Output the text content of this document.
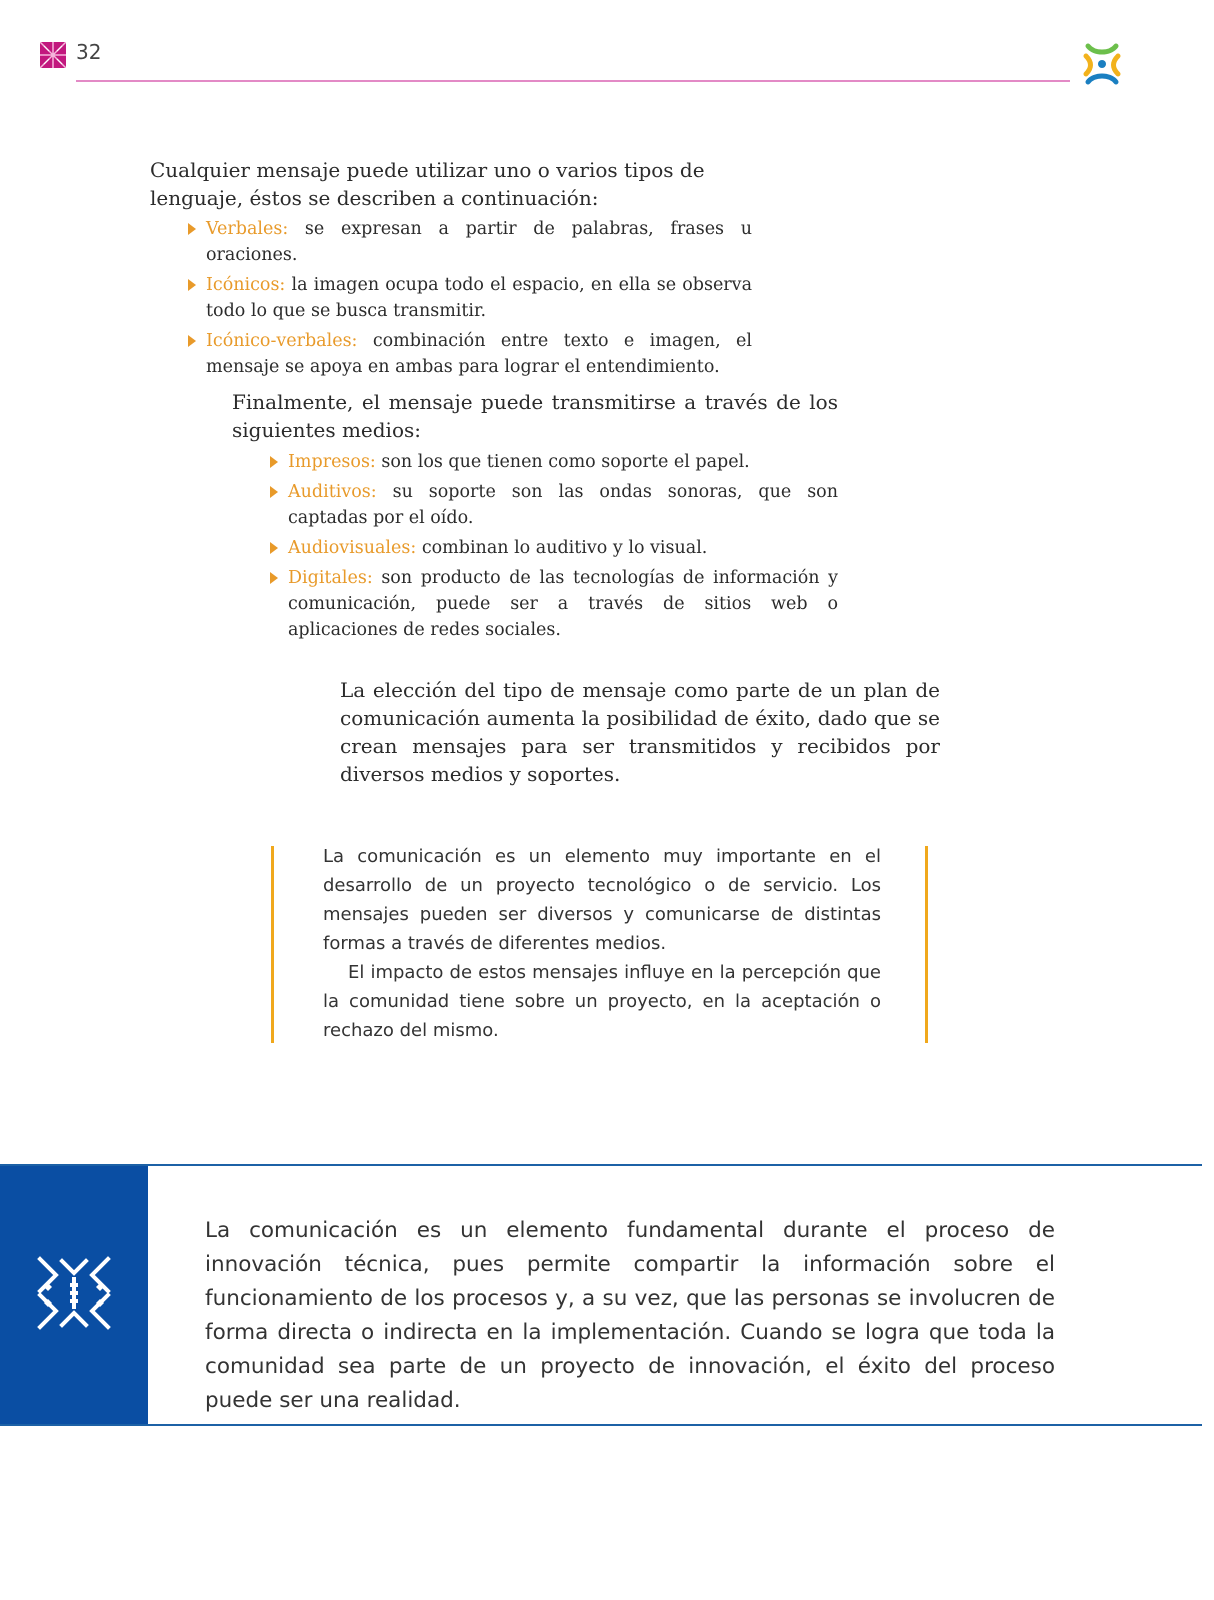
32

Cualquier mensaje puede utilizar uno o varios tipos de lenguaje, éstos se describen a continuación:

Verbales: se expresan a partir de palabras, frases u oraciones.
Icónicos: la imagen ocupa todo el espacio, en ella se observa todo lo que se busca transmitir.
Icónico-verbales: combinación entre texto e imagen, el mensaje se apoya en ambas para lograr el entendimiento.

Finalmente, el mensaje puede transmitirse a través de los siguientes medios:

Impresos: son los que tienen como soporte el papel.
Auditivos: su soporte son las ondas sonoras, que son captadas por el oído.
Audiovisuales: combinan lo auditivo y lo visual.
Digitales: son producto de las tecnologías de información y comunicación, puede ser a través de sitios web o aplicaciones de redes sociales.

La elección del tipo de mensaje como parte de un plan de comunicación aumenta la posibilidad de éxito, dado que se crean mensajes para ser transmitidos y recibidos por diversos medios y soportes.

La comunicación es un elemento muy importante en el desarrollo de un proyecto tecnológico o de servicio. Los mensajes pueden ser diversos y comunicarse de distintas formas a través de diferentes medios.
El impacto de estos mensajes influye en la percepción que la comunidad tiene sobre un proyecto, en la aceptación o rechazo del mismo.

La comunicación es un elemento fundamental durante el proceso de innovación técnica, pues permite compartir la información sobre el funcionamiento de los procesos y, a su vez, que las personas se involucren de forma directa o indirecta en la implementación. Cuando se logra que toda la comunidad sea parte de un proyecto de innovación, el éxito del proceso puede ser una realidad.
